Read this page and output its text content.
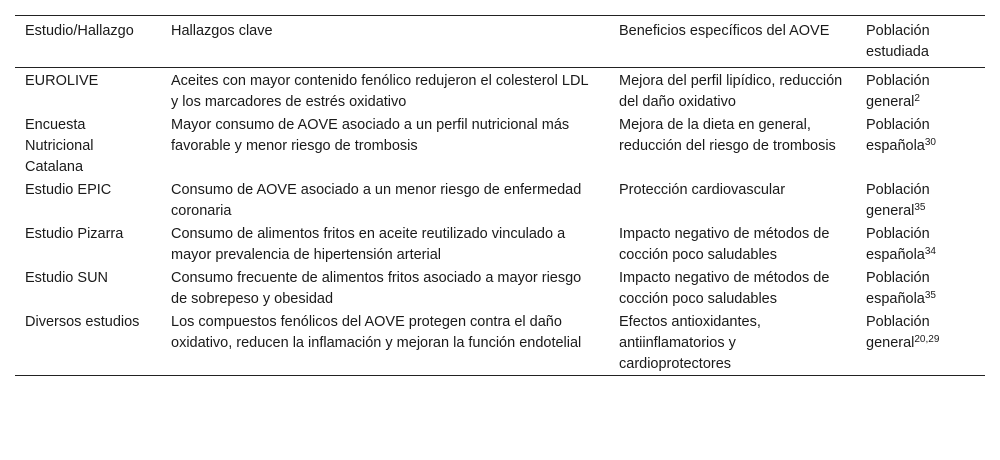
Estudio/Hallazgo	Hallazgos clave	Beneficios específicos del AOVE	Población estudiada
EUROLIVE	Aceites con mayor contenido fenólico redujeron el colesterol LDL y los marcadores de estrés oxidativo	Mejora del perfil lipídico, reducción del daño oxidativo	Población general$^2$
Encuesta Nutricional Catalana	Mayor consumo de AOVE asociado a un perfil nutricional más favorable y menor riesgo de trombosis	Mejora de la dieta en general, reducción del riesgo de trombosis	Población española$^{30}$
Estudio EPIC	Consumo de AOVE asociado a un menor riesgo de enfermedad coronaria	Protección cardiovascular	Población general$^{35}$
Estudio Pizarra	Consumo de alimentos fritos en aceite reutilizado vinculado a mayor prevalencia de hipertensión arterial	Impacto negativo de métodos de cocción poco saludables	Población española$^{34}$
Estudio SUN	Consumo frecuente de alimentos fritos asociado a mayor riesgo de sobrepeso y obesidad	Impacto negativo de métodos de cocción poco saludables	Población española$^{35}$
Diversos estudios	Los compuestos fenólicos del AOVE protegen contra el daño oxidativo, reducen la inflamación y mejoran la función endotelial	Efectos antioxidantes, antiinflamatorios y cardioprotectores	Población general$^{20,29}$
